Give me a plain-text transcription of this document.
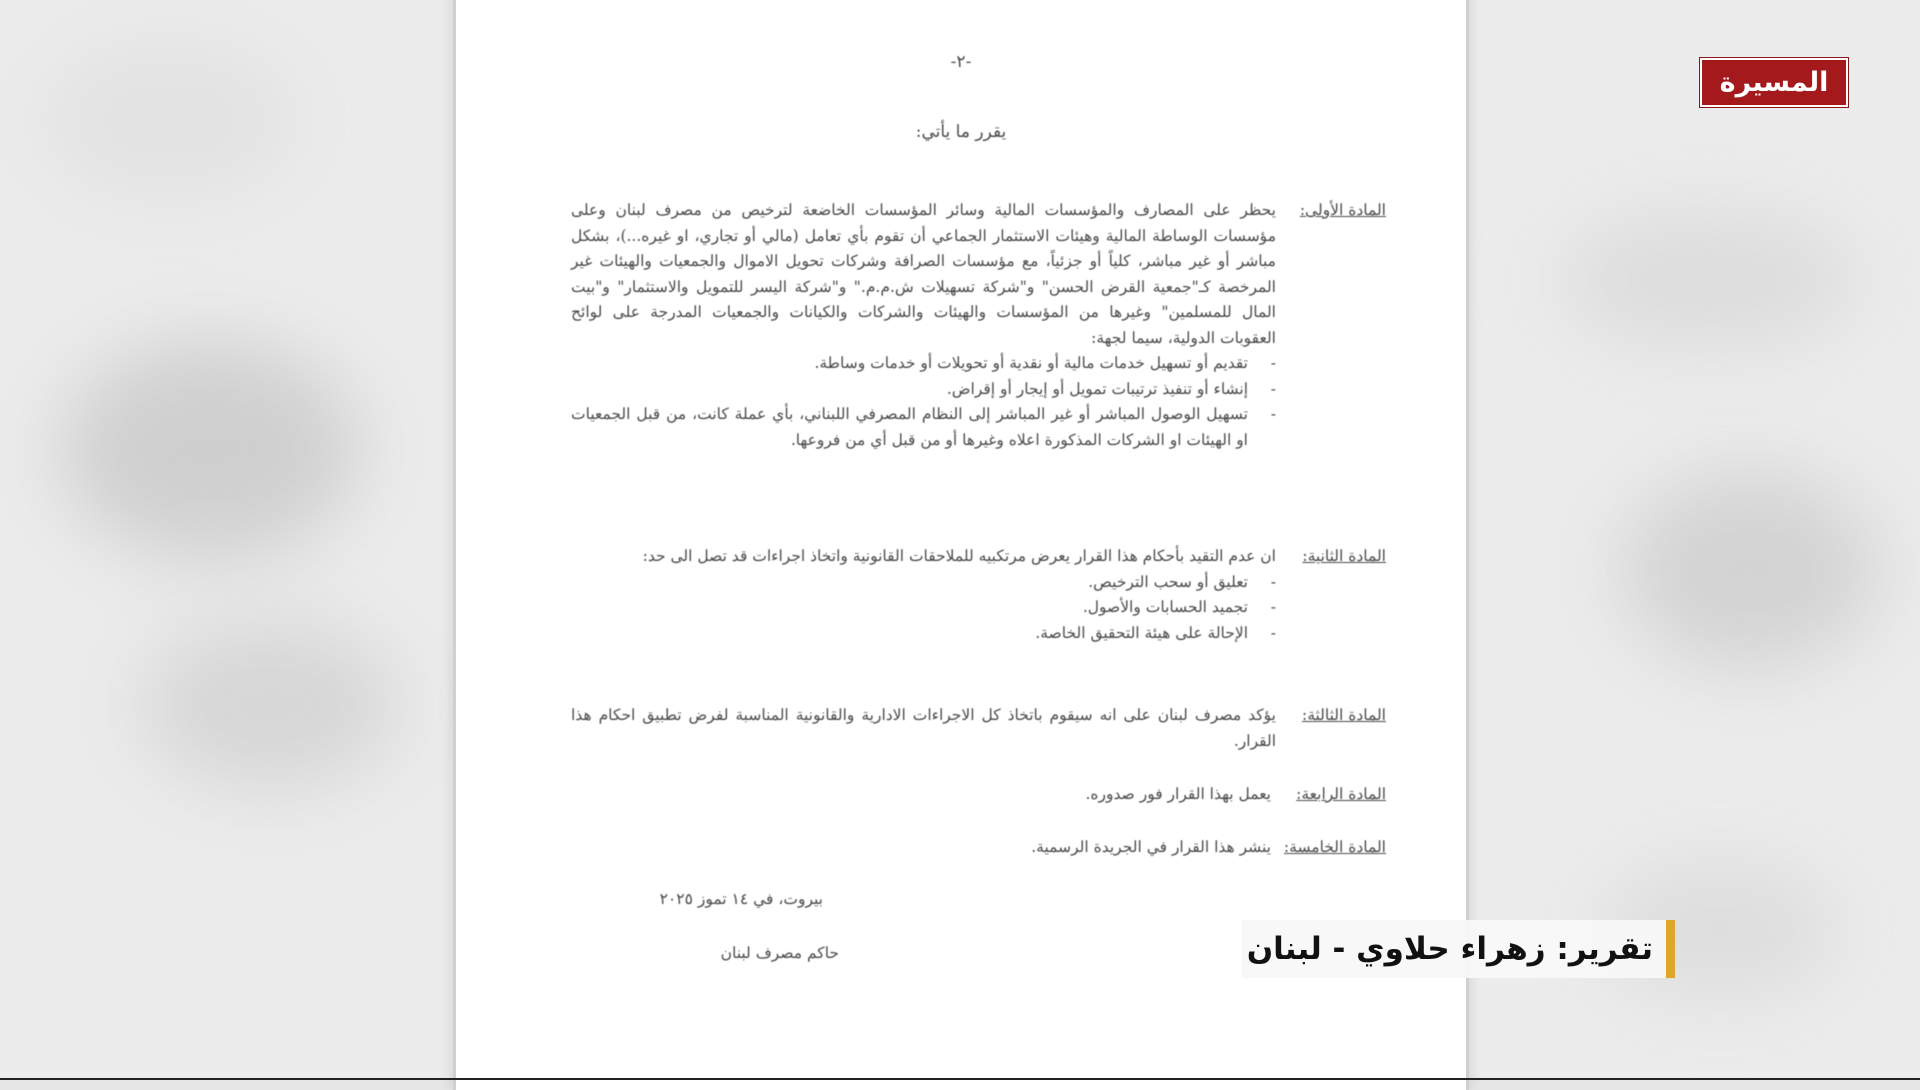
-٢-
يقرر ما يأتي:
المادة الأولى:
يحظر على المصارف والمؤسسات المالية وسائر المؤسسات الخاضعة لترخيص من مصرف لبنان وعلى مؤسسات الوساطة المالية وهيئات الاستثمار الجماعي أن تقوم بأي تعامل (مالي أو تجاري، او غيره...)، بشكل مباشر أو غير مباشر، كلياً أو جزئياً، مع مؤسسات الصرافة وشركات تحويل الاموال والجمعيات والهيئات غير المرخصة كـ"جمعية القرض الحسن" و"شركة تسهيلات ش.م.م." و"شركة اليسر للتمويل والاستثمار" و"بيت المال للمسلمين" وغيرها من المؤسسات والهيئات والشركات والكيانات والجمعيات المدرجة على لوائح العقوبات الدولية، سيما لجهة:
- تقديم أو تسهيل خدمات مالية أو نقدية أو تحويلات أو خدمات وساطة.
- إنشاء أو تنفيذ ترتيبات تمويل أو إيجار أو إقراض.
- تسهيل الوصول المباشر أو غير المباشر إلى النظام المصرفي اللبناني، بأي عملة كانت، من قبل الجمعيات او الهيئات او الشركات المذكورة اعلاه وغيرها أو من قبل أي من فروعها.
المادة الثانية:
ان عدم التقيد بأحكام هذا القرار يعرض مرتكبيه للملاحقات القانونية واتخاذ اجراءات قد تصل الى حد:
- تعليق أو سحب الترخيص.
- تجميد الحسابات والأصول.
- الإحالة على هيئة التحقيق الخاصة.
المادة الثالثة:
يؤكد مصرف لبنان على انه سيقوم باتخاذ كل الاجراءات الادارية والقانونية المناسبة لفرض تطبيق احكام هذا القرار.
المادة الرابعة:
يعمل بهذا القرار فور صدوره.
المادة الخامسة:
ينشر هذا القرار في الجريدة الرسمية.
بيروت، في ١٤ تموز ٢٠٢٥
حاكم مصرف لبنان
المسيرة
تقرير: زهراء حلاوي - لبنان
